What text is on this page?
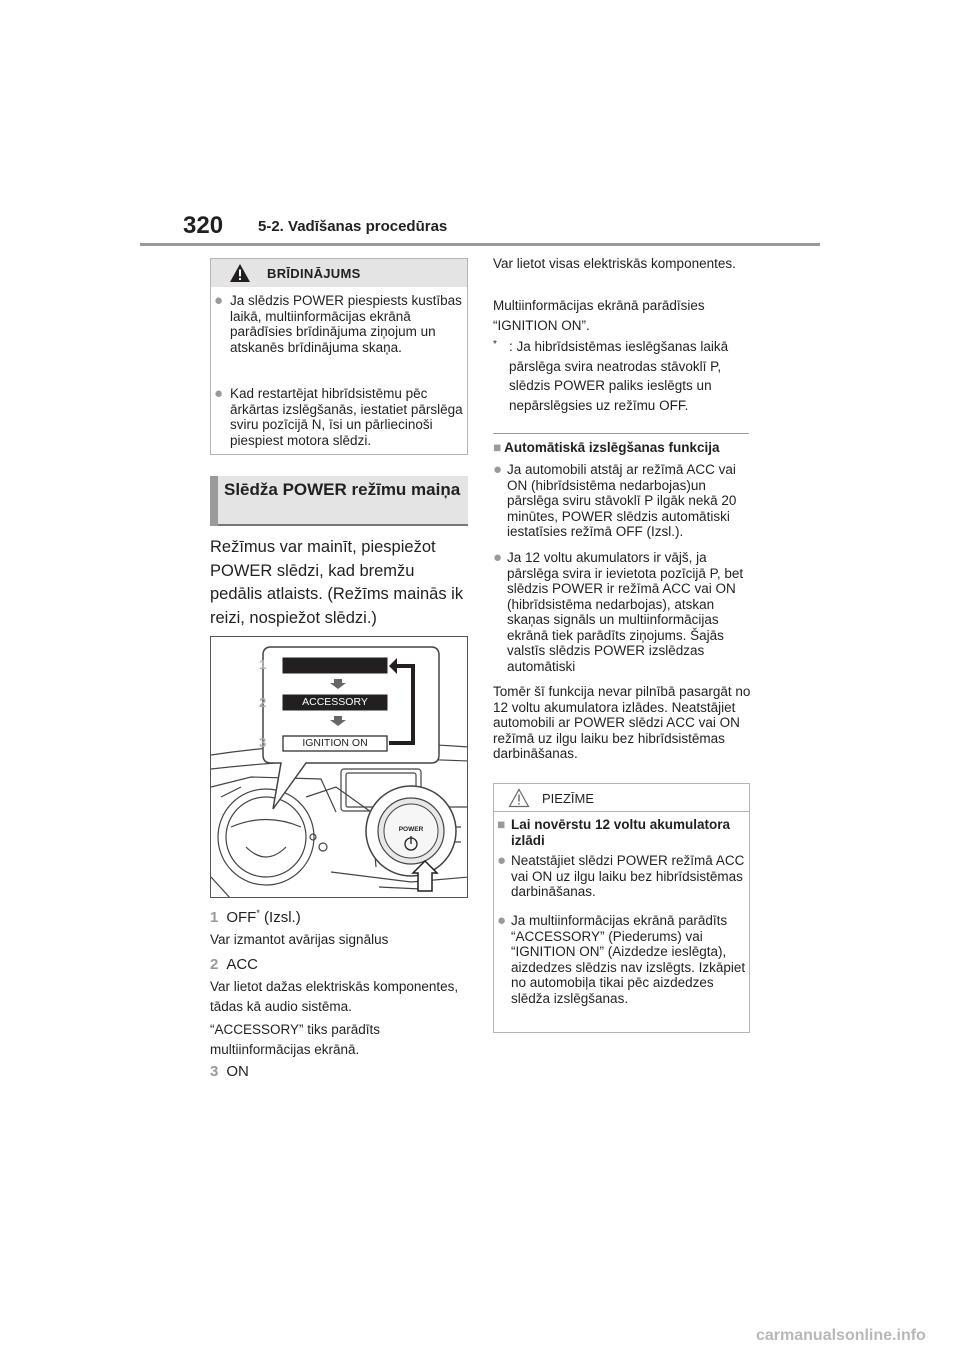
320 5-2. Vadīšanas procedūras
BRĪDINĀJUMS
● Ja slēdzis POWER piespiests kustības laikā, multiinformācijas ekrānā parādīsies brīdinājuma ziņojum un atskanēs brīdinājuma skaņa.
● Kad restartējat hibrīdsistēmu pēc ārkārtas izslēgšanās, iestatiet pārslēga sviru pozīcijā N, īsi un pārliecinoši piespiest motora slēdzi.
Slēdža POWER režīmu maiņa
Režīmus var mainīt, piespiežot POWER slēdzi, kad bremžu pedālis atlaists. (Režīms mainās ik reizi, nospiežot slēdzi.)
1
2
3
ACCESSORY
IGNITION ON
POWER
1 OFF* (Izsl.)
Var izmantot avārijas signālus
2 ACC
Var lietot dažas elektriskās komponentes, tādas kā audio sistēma.
“ACCESSORY” tiks parādīts multiinformācijas ekrānā.
3 ON
Var lietot visas elektriskās komponentes.
Multiinformācijas ekrānā parādīsies “IGNITION ON”.
* : Ja hibrīdsistēmas ieslēgšanas laikā pārslēga svira neatrodas stāvoklī P, slēdzis POWER paliks ieslēgts un nepārslēgsies uz režīmu OFF.
■ Automātiskā izslēgšanas funkcija
● Ja automobili atstāj ar režīmā ACC vai ON (hibrīdsistēma nedarbojas)un pārslēga sviru stāvoklī P ilgāk nekā 20 minūtes, POWER slēdzis automātiski iestatīsies režīmā OFF (Izsl.).
● Ja 12 voltu akumulators ir vājš, ja pārslēga svira ir ievietota pozīcijā P, bet slēdzis POWER ir režīmā ACC vai ON (hibrīdsistēma nedarbojas), atskan skaņas signāls un multiinformācijas ekrānā tiek parādīts ziņojums. Šajās valstīs slēdzis POWER izslēdzas automātiski
Tomēr šī funkcija nevar pilnībā pasargāt no 12 voltu akumulatora izlādes. Neatstājiet automobili ar POWER slēdzi ACC vai ON režīmā uz ilgu laiku bez hibrīdsistēmas darbināšanas.
PIEZĪME
■ Lai novērstu 12 voltu akumulatora izlādi
● Neatstājiet slēdzi POWER režīmā ACC vai ON uz ilgu laiku bez hibrīdsistēmas darbināšanas.
● Ja multiinformācijas ekrānā parādīts “ACCESSORY” (Piederums) vai “IGNITION ON” (Aizdedze ieslēgta), aizdedzes slēdzis nav izslēgts. Izkāpiet no automobiļa tikai pēc aizdedzes slēdža izslēgšanas.
carmanualsonline.info
